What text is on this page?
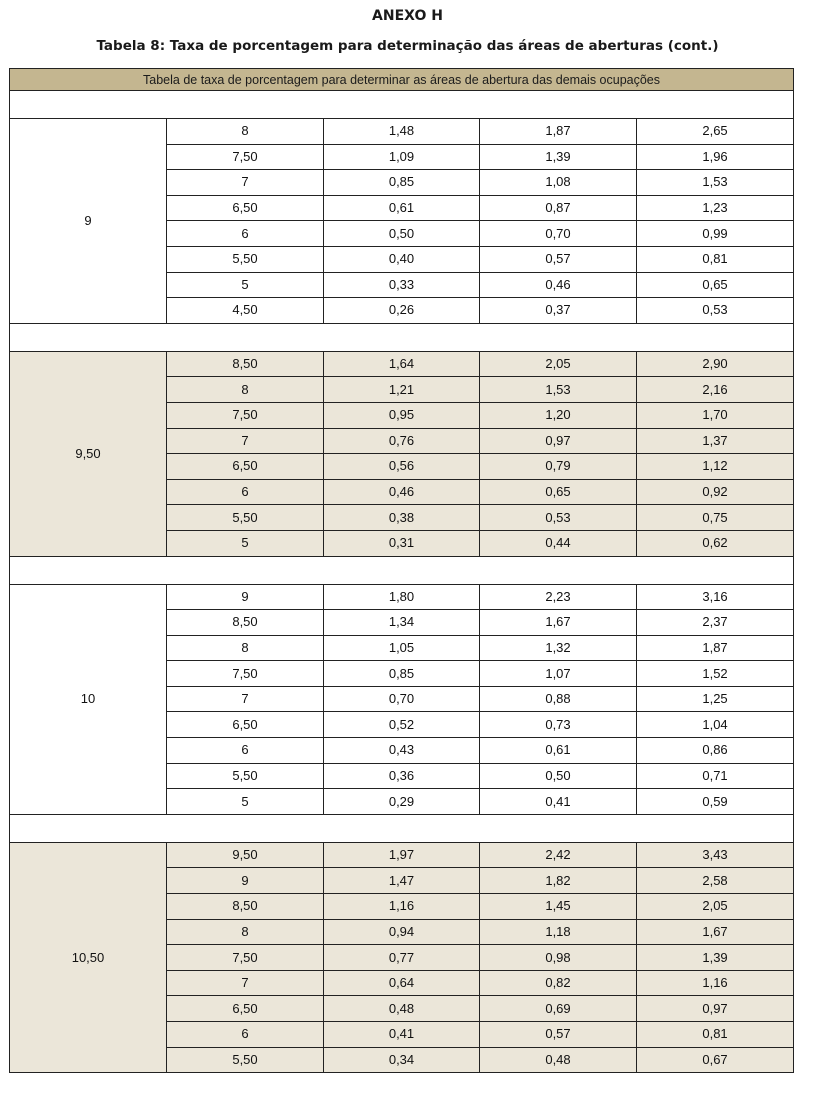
ANEXO H
Tabela 8: Taxa de porcentagem para determinação das áreas de aberturas (cont.)
Tabela de taxa de porcentagem para determinar as áreas de abertura das demais ocupações				

9	8	1,48	1,87	2,65
	7,50	1,09	1,39	1,96
	7	0,85	1,08	1,53
	6,50	0,61	0,87	1,23
	6	0,50	0,70	0,99
	5,50	0,40	0,57	0,81
	5	0,33	0,46	0,65
	4,50	0,26	0,37	0,53

9,50	8,50	1,64	2,05	2,90
	8	1,21	1,53	2,16
	7,50	0,95	1,20	1,70
	7	0,76	0,97	1,37
	6,50	0,56	0,79	1,12
	6	0,46	0,65	0,92
	5,50	0,38	0,53	0,75
	5	0,31	0,44	0,62

10	9	1,80	2,23	3,16
	8,50	1,34	1,67	2,37
	8	1,05	1,32	1,87
	7,50	0,85	1,07	1,52
	7	0,70	0,88	1,25
	6,50	0,52	0,73	1,04
	6	0,43	0,61	0,86
	5,50	0,36	0,50	0,71
	5	0,29	0,41	0,59

10,50	9,50	1,97	2,42	3,43
	9	1,47	1,82	2,58
	8,50	1,16	1,45	2,05
	8	0,94	1,18	1,67
	7,50	0,77	0,98	1,39
	7	0,64	0,82	1,16
	6,50	0,48	0,69	0,97
	6	0,41	0,57	0,81
	5,50	0,34	0,48	0,67
